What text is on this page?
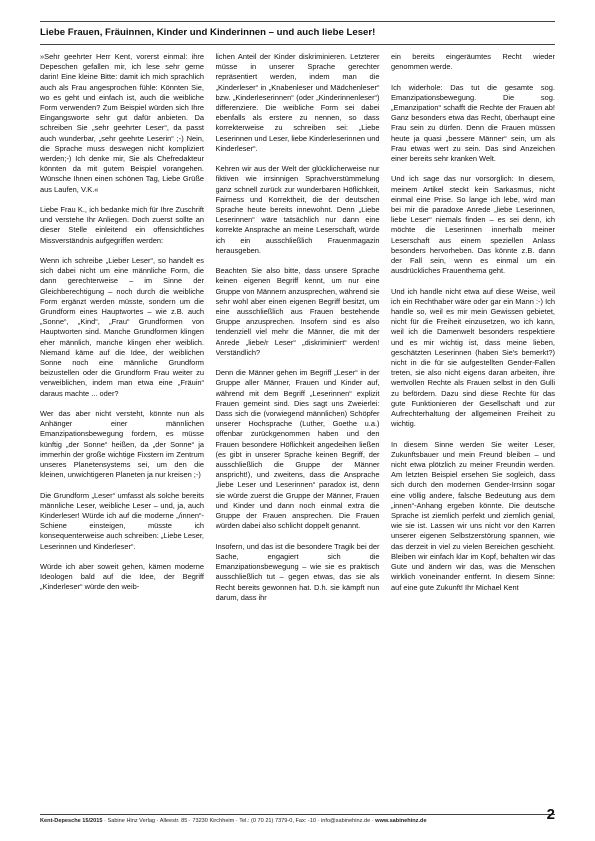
Liebe Frauen, Fräuinnen, Kinder und Kinderinnen – und auch liebe Leser!

»Sehr geehrter Herr Kent, vorerst einmal: ihre Depeschen gefallen mir, ich lese sehr gerne darin! Eine kleine Bitte: damit ich mich sprachlich auch als Frau angesprochen fühle: Könnten Sie, wo es geht und einfach ist, auch die weibliche Form verwenden? Zum Beispiel würden sich Ihre Eingangsworte sehr gut dafür anbieten. Da schreiben Sie „sehr geehrter Leser“, da passt auch wunderbar, „sehr geehrte Leserin“ ;-) Nein, die Sprache muss deswegen nicht kompliziert werden;-) Ich denke mir, Sie als Chefredakteur könnten da mit gutem Beispiel vorangehen. Wünsche Ihnen einen schönen Tag, Liebe Grüße aus Laufen, V.K.«

Liebe Frau K., ich bedanke mich für Ihre Zuschrift und verstehe Ihr Anliegen. Doch zuerst sollte an dieser Stelle einleitend ein offensichtliches Missverständnis aufgegriffen werden:

Wenn ich schreibe „Lieber Leser“, so handelt es sich dabei nicht um eine männliche Form, die dann gerechterweise – im Sinne der Gleichberechtigung – noch durch die weibliche Form ergänzt werden müsste, sondern um die Grundform eines Hauptwortes – wie z.B. auch „Sonne“, „Kind“, „Frau“ Grundformen von Hauptworten sind. Manche Grundformen klingen eher männlich, manche klingen eher weiblich. Niemand käme auf die Idee, der weiblichen Sonne noch eine männliche Grundform beizustellen oder die Grundform Frau weiter zu verweiblichen, indem man etwa eine „Fräuin“ daraus machte ... oder?

Wer das aber nicht versteht, könnte nun als Anhänger einer männlichen Emanzipationsbewegung fordern, es müsse künftig „der Sonne“ heißen, da „der Sonne“ ja immerhin der große wichtige Fixstern im Zentrum unseres Planetensystems sei, um den die kleinen, unwichtigeren Planeten ja nur kreisen ;-)

Die Grundform „Leser“ umfasst als solche bereits männliche Leser, weibliche Leser – und, ja, auch Kinderleser! Würde ich auf die moderne „/innen“-Schiene einsteigen, müsste ich konsequenterweise auch schreiben: „Liebe Leser, Leserinnen und Kinderleser“.

Würde ich aber soweit gehen, kämen moderne Ideologen bald auf die Idee, der Begriff „Kinderleser“ würde den weib-

lichen Anteil der Kinder diskriminieren. Letzterer müsse in unserer Sprache gerechter repräsentiert werden, indem man die „Kinderleser“ in „Knabenleser und Mädchenleser“ bzw. „Kinderleserinnen“ (oder „Kinderinnenleser“) differenziere. Die weibliche Form sei dabei ebenfalls als erstere zu nennen, so dass korrekterweise zu schreiben sei: „Liebe Leserinnen und Leser, liebe Kinderleserinnen und Kinderleser“.

Kehren wir aus der Welt der glücklicherweise nur fiktiven wie irrsinnigen Sprachverstümmelung ganz schnell zurück zur wunderbaren Höflichkeit, Fairness und Korrektheit, die der deutschen Sprache heute bereits innewohnt. Denn „Liebe Leserinnen“ wäre tatsächlich nur dann eine korrekte Ansprache an meine Leserschaft, würde ich ein ausschließlich Frauenmagazin herausgeben.

Beachten Sie also bitte, dass unsere Sprache keinen eigenen Begriff kennt, um nur eine Gruppe von Männern anzusprechen, während sie sehr wohl aber einen eigenen Begriff besitzt, um eine ausschließlich aus Frauen bestehende Gruppe anzusprechen. Insofern sind es also tendenziell viel mehr die Männer, die mit der Anrede „liebe/r Leser“ „diskriminiert“ werden! Verständlich?

Denn die Männer gehen im Begriff „Leser“ in der Gruppe aller Männer, Frauen und Kinder auf, während mit dem Begriff „Leserinnen“ explizit Frauen gemeint sind. Dies sagt uns Zweierlei: Dass sich die (vorwiegend männlichen) Schöpfer unserer Hochsprache (Luther, Goethe u.a.) offenbar zurückgenommen haben und den Frauen besondere Höflichkeit angedeihen ließen (es gibt in unserer Sprache keinen Begriff, der ausschließlich die Gruppe der Männer anspricht!), und zweitens, dass die Ansprache „liebe Leser und Leserinnen“ paradox ist, denn sie würde zuerst die Gruppe der Männer, Frauen und Kinder und dann noch einmal extra die Gruppe der Frauen ansprechen. Die Frauen würden dabei also schlicht doppelt genannt.

Insofern, und das ist die besondere Tragik bei der Sache, engagiert sich die Emanzipationsbewegung – wie sie es praktisch ausschließlich tut – gegen etwas, das sie als Recht bereits gewonnen hat. D.h. sie kämpft nun darum, dass ihr

ein bereits eingeräumtes Recht wieder genommen werde.

Ich widerhole: Das tut die gesamte sog. Emanzipationsbewegung. Die sog. „Emanzipation“ schafft die Rechte der Frauen ab! Ganz besonders etwa das Recht, überhaupt eine Frau sein zu dürfen. Denn die Frauen müssen heute ja quasi „bessere Männer“ sein, um als Frau etwas wert zu sein. Das sind Anzeichen einer bereits sehr kranken Welt.

Und ich sage das nur vorsorglich: In diesem, meinem Artikel steckt kein Sarkasmus, nicht einmal eine Prise. So lange ich lebe, wird man bei mir die paradoxe Anrede „liebe Leserinnen, liebe Leser“ niemals finden – es sei denn, ich möchte die Leserinnen innerhalb meiner Leserschaft aus einem speziellen Anlass besonders hervorheben. Das könnte z.B. dann der Fall sein, wenn es einmal um ein ausdrückliches Frauenthema geht.

Und ich handle nicht etwa auf diese Weise, weil ich ein Rechthaber wäre oder gar ein Mann :-) Ich handle so, weil es mir mein Gewissen gebietet, nicht für die Freiheit einzusetzen, wo ich kann, weil ich die Damenwelt besonders respektiere und es mir wichtig ist, dass meine lieben, geschätzten Leserinnen (haben Sie's bemerkt?) nicht in die für sie aufgestellten Gender-Fallen treten, sie also nicht eigens daran arbeiten, ihre wertvollen Rechte als Frauen selbst in den Gulli zu befördern. Dazu sind diese Rechte für das gute Funktionieren der Gesellschaft und zur Aufrechterhaltung der allgemeinen Freiheit zu wichtig.

In diesem Sinne werden Sie weiter Leser, Zukunftsbauer und mein Freund bleiben – und nicht etwa plötzlich zu meiner Freundin werden. Am letzten Beispiel ersehen Sie sogleich, dass sich durch den modernen Gender-Irrsinn sogar eine völlig andere, falsche Bedeutung aus dem „innen“-Anhang ergeben könnte. Die deutsche Sprache ist ziemlich perfekt und ziemlich genial, wie sie ist. Lassen wir uns nicht vor den Karren unserer eigenen Selbstzerstörung spannen, wie das derzeit in viel zu vielen Bereichen geschieht. Bleiben wir einfach klar im Kopf, behalten wir das Gute und ändern wir das, was die Menschen wirklich voneinander entfernt. In diesem Sinne: auf eine gute Zukunft! Ihr Michael Kent

Kent-Depesche 15/2015 · Sabine Hinz Verlag · Alleestr. 85 · 73230 Kirchheim · Tel.: (0 70 21) 7379-0, Fax: -10 · info@sabinehinz.de · www.sabinehinz.de	2
